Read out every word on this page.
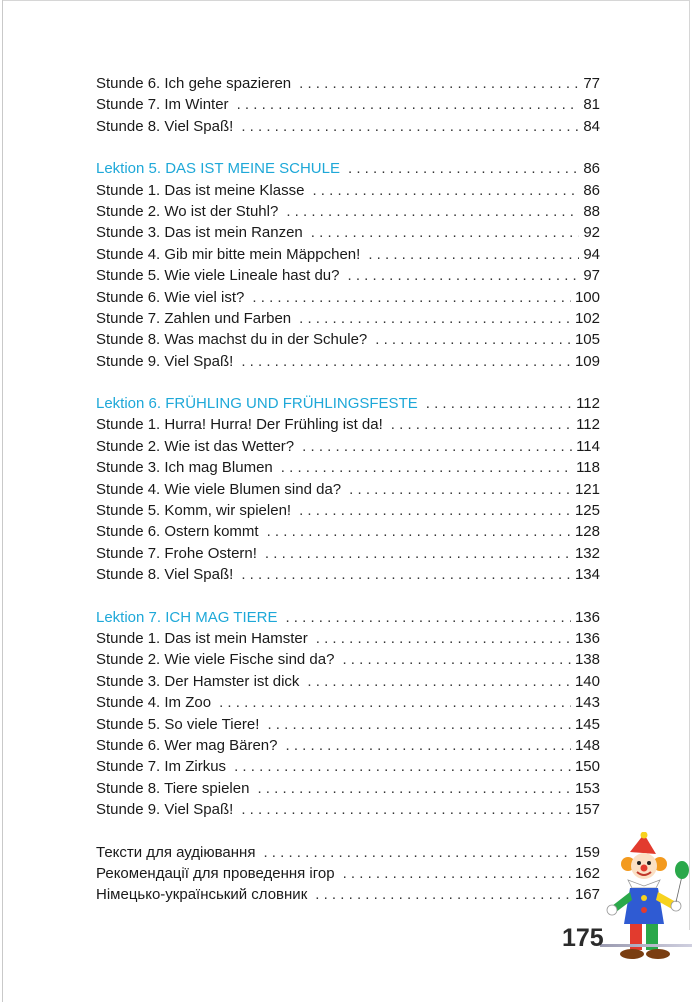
Stunde 6. Ich gehe spazieren . . .	77
Stunde 7. Im Winter . . .	81
Stunde 8. Viel Spaß! . . .	84
Lektion 5. DAS IST MEINE SCHULE . . .	86
Stunde 1. Das ist meine Klasse . . .	86
Stunde 2. Wo ist der Stuhl? . . .	88
Stunde 3. Das ist mein Ranzen . . .	92
Stunde 4. Gib mir bitte mein Mäppchen! . . .	94
Stunde 5. Wie viele Lineale hast du? . . .	97
Stunde 6. Wie viel ist? . . .	100
Stunde 7. Zahlen und Farben . . .	102
Stunde 8. Was machst du in der Schule? . . .	105
Stunde 9. Viel Spaß! . . .	109
Lektion 6. FRÜHLING UND FRÜHLINGSFESTE . . .	112
Stunde 1. Hurra! Hurra! Der Frühling ist da! . . .	112
Stunde 2. Wie ist das Wetter? . . .	114
Stunde 3. Ich mag Blumen . . .	118
Stunde 4. Wie viele Blumen sind da? . . .	121
Stunde 5. Komm, wir spielen! . . .	125
Stunde 6. Ostern kommt . . .	128
Stunde 7. Frohe Ostern! . . .	132
Stunde 8. Viel Spaß! . . .	134
Lektion 7. ICH MAG TIERE . . .	136
Stunde 1. Das ist mein Hamster . . .	136
Stunde 2. Wie viele Fische sind da? . . .	138
Stunde 3. Der Hamster ist dick . . .	140
Stunde 4. Im Zoo . . .	143
Stunde 5. So viele Tiere! . . .	145
Stunde 6. Wer mag Bären? . . .	148
Stunde 7. Im Zirkus . . .	150
Stunde 8. Tiere spielen . . .	153
Stunde 9. Viel Spaß! . . .	157
Тексти для аудіювання . . .	159
Рекомендації для проведення ігор . . .	162
Німецько-український словник . . .	167
175
